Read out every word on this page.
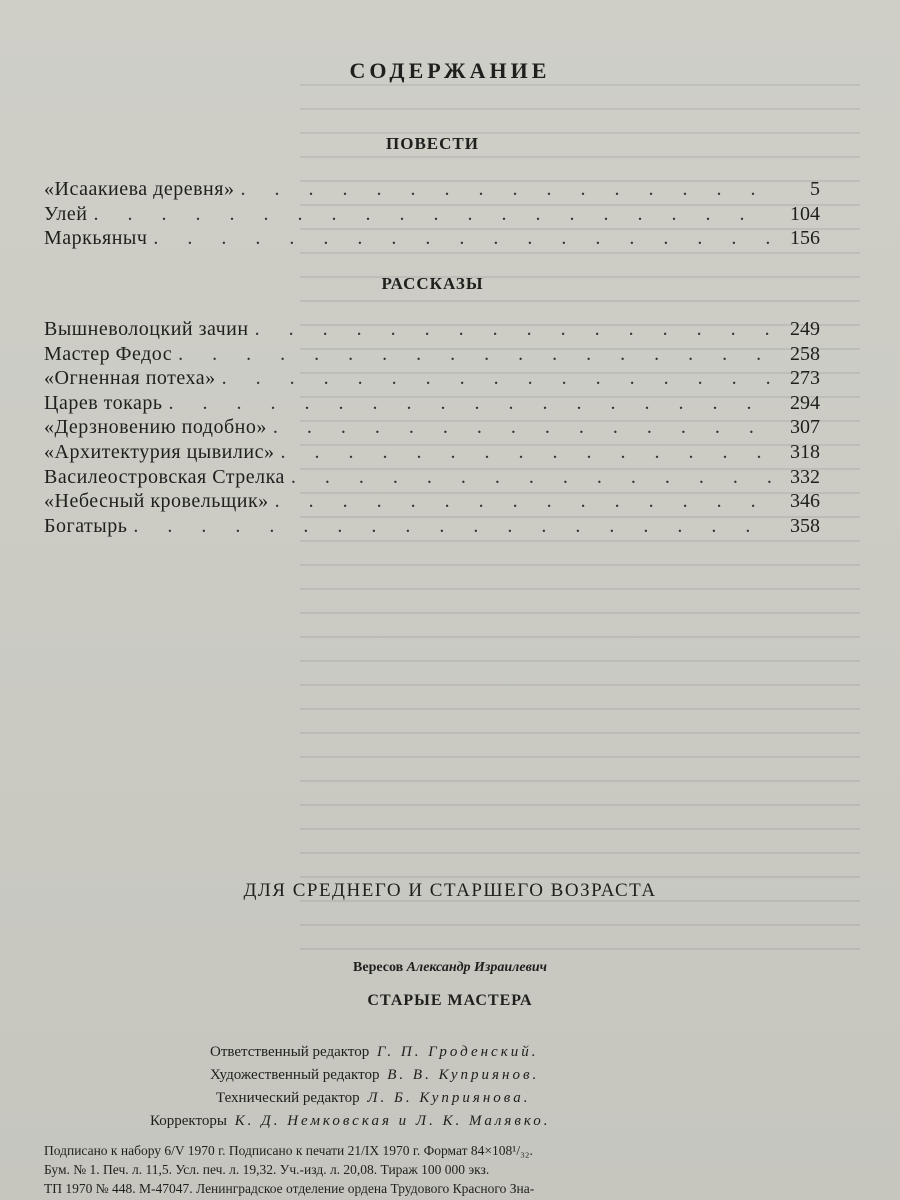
СОДЕРЖАНИЕ
ПОВЕСТИ
«Исаакиева деревня» . . .	5
Улей . . .	104
Маркьяныч . . .	156
РАССКАЗЫ
Вышневолоцкий зачин . . .	249
Мастер Федос . . .	258
«Огненная потеха» . . .	273
Царев токарь . . .	294
«Дерзновению подобно» . . .	307
«Архитектурия цывилис» . . .	318
Василеостровская Стрелка . . .	332
«Небесный кровельщик» . . .	346
Богатырь . . .	358
ДЛЯ СРЕДНЕГО И СТАРШЕГО ВОЗРАСТА
Вересов Александр Израилевич
СТАРЫЕ МАСТЕРА
Ответственный редактор Г. П. Гроденский.
Художественный редактор В. В. Куприянов.
Технический редактор Л. Б. Куприянова.
Корректоры К. Д. Немковская и Л. К. Малявко.
Подписано к набору 6/V 1970 г. Подписано к печати 21/IX 1970 г. Формат 84×108¹/₃₂.
Бум. № 1. Печ. л. 11,5. Усл. печ. л. 19,32. Уч.-изд. л. 20,08. Тираж 100 000 экз.
ТП 1970 № 448. М-47047. Ленинградское отделение ордена Трудового Красного Зна-
